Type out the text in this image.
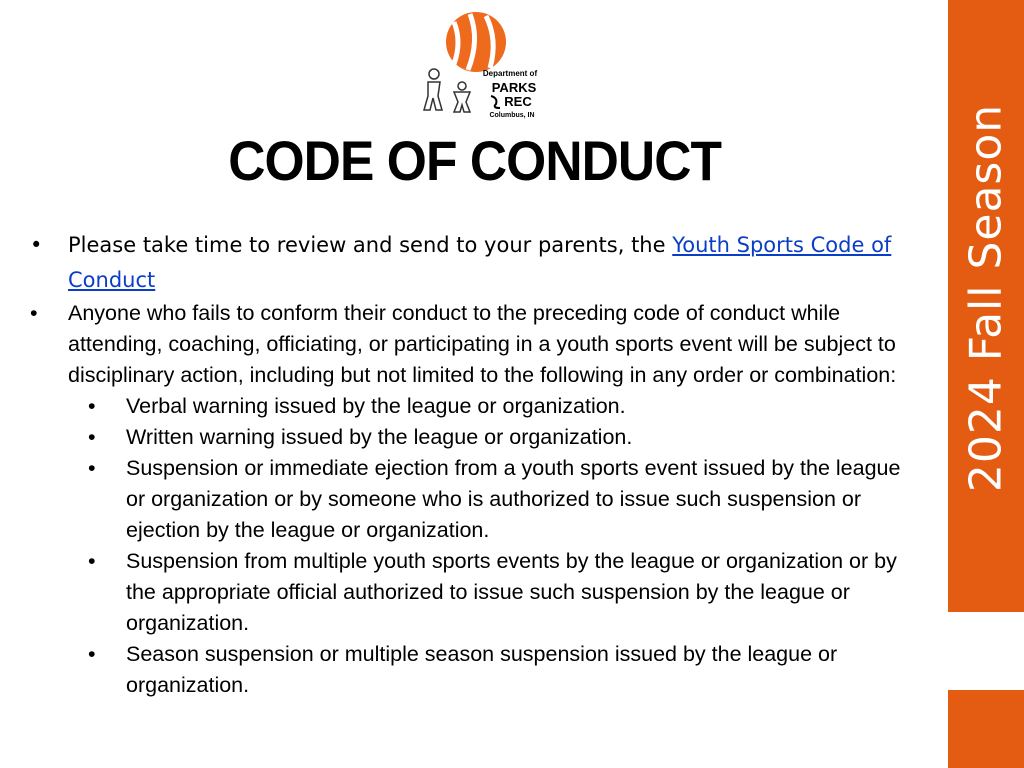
2024 Fall Season
Department of
PARKS
REC
Columbus, IN
CODE OF CONDUCT
• Please take time to review and send to your parents, the Youth Sports Code of Conduct
• Anyone who fails to conform their conduct to the preceding code of conduct while attending, coaching, officiating, or participating in a youth sports event will be subject to disciplinary action, including but not limited to the following in any order or combination:
• Verbal warning issued by the league or organization.
• Written warning issued by the league or organization.
• Suspension or immediate ejection from a youth sports event issued by the league or organization or by someone who is authorized to issue such suspension or ejection by the league or organization.
• Suspension from multiple youth sports events by the league or organization or by the appropriate official authorized to issue such suspension by the league or organization.
• Season suspension or multiple season suspension issued by the league or organization.
